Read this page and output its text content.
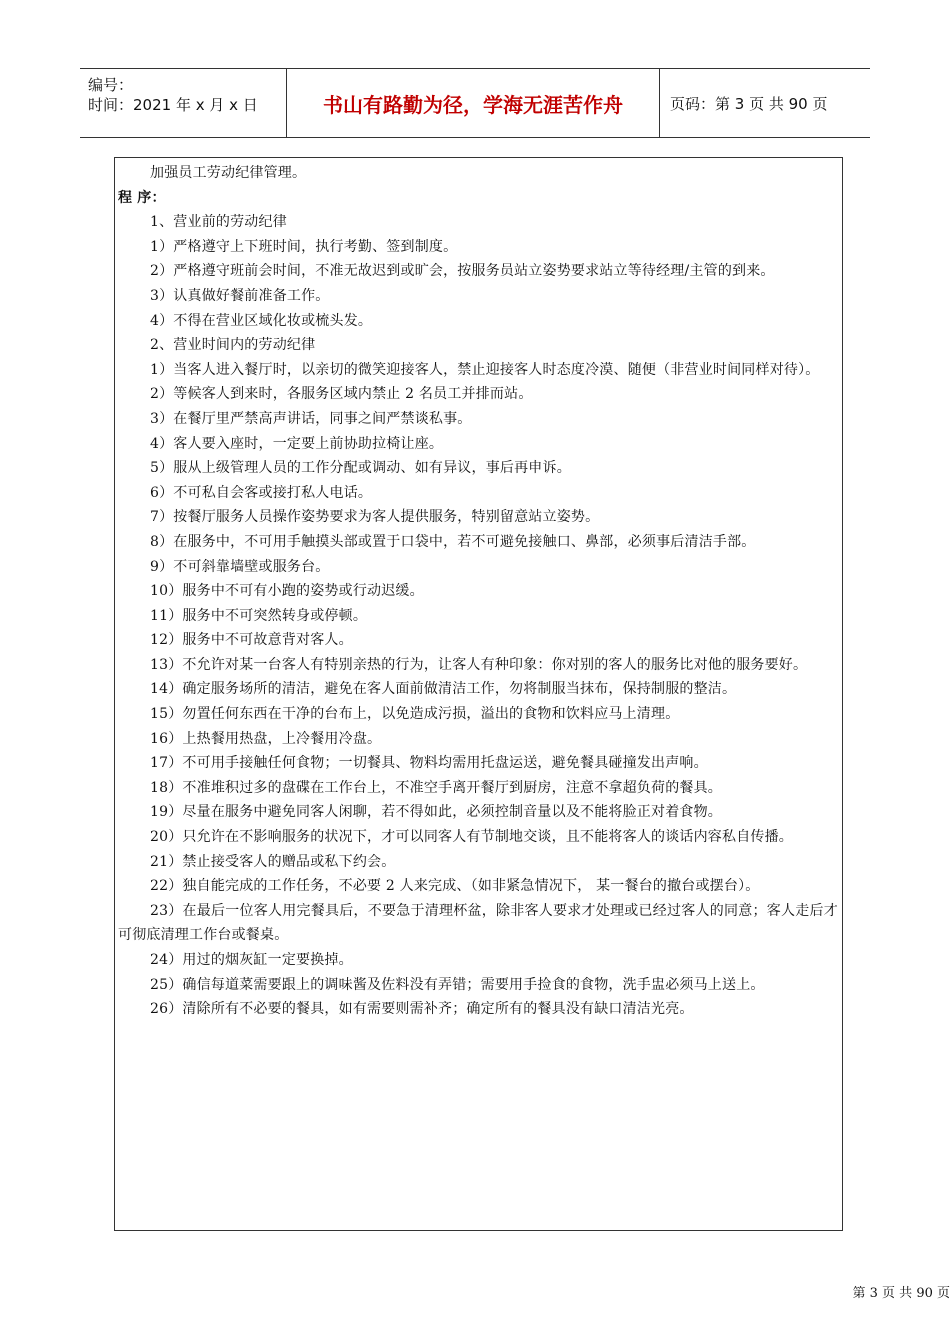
编号：
时间：2021 年 x 月 x 日	书山有路勤为径，学海无涯苦作舟	页码：第 3 页 共 90 页

加强员工劳动纪律管理。

程 序：

1、营业前的劳动纪律

1）严格遵守上下班时间，执行考勤、签到制度。

2）严格遵守班前会时间，不准无故迟到或旷会，按服务员站立姿势要求站立等待经理/主管的到来。

3）认真做好餐前准备工作。

4）不得在营业区域化妆或梳头发。

2、营业时间内的劳动纪律

1）当客人进入餐厅时，以亲切的微笑迎接客人，禁止迎接客人时态度冷漠、随便（非营业时间同样对待）。

2）等候客人到来时，各服务区域内禁止 2 名员工并排而站。

3）在餐厅里严禁高声讲话，同事之间严禁谈私事。

4）客人要入座时，一定要上前协助拉椅让座。

5）服从上级管理人员的工作分配或调动、如有异议，事后再申诉。

6）不可私自会客或接打私人电话。

7）按餐厅服务人员操作姿势要求为客人提供服务，特别留意站立姿势。

8）在服务中，不可用手触摸头部或置于口袋中，若不可避免接触口、鼻部，必须事后清洁手部。

9）不可斜靠墙壁或服务台。

10）服务中不可有小跑的姿势或行动迟缓。

11）服务中不可突然转身或停顿。

12）服务中不可故意背对客人。

13）不允许对某一台客人有特别亲热的行为，让客人有种印象：你对别的客人的服务比对他的服务要好。

14）确定服务场所的清洁，避免在客人面前做清洁工作，勿将制服当抹布，保持制服的整洁。

15）勿置任何东西在干净的台布上，以免造成污损，溢出的食物和饮料应马上清理。

16）上热餐用热盘，上冷餐用冷盘。

17）不可用手接触任何食物；一切餐具、物料均需用托盘运送，避免餐具碰撞发出声响。

18）不准堆积过多的盘碟在工作台上，不准空手离开餐厅到厨房，注意不拿超负荷的餐具。

19）尽量在服务中避免同客人闲聊，若不得如此，必须控制音量以及不能将脸正对着食物。

20）只允许在不影响服务的状况下，才可以同客人有节制地交谈，且不能将客人的谈话内容私自传播。

21）禁止接受客人的赠品或私下约会。

22）独自能完成的工作任务，不必要 2 人来完成、（如非紧急情况下， 某一餐台的撤台或摆台）。

23）在最后一位客人用完餐具后，不要急于清理杯盆，除非客人要求才处理或已经过客人的同意；客人走后才可彻底清理工作台或餐桌。

24）用过的烟灰缸一定要换掉。

25）确信每道菜需要跟上的调味酱及佐料没有弄错；需要用手捡食的食物，洗手盅必须马上送上。

26）清除所有不必要的餐具，如有需要则需补齐；确定所有的餐具没有缺口清洁光亮。

第 3 页 共 90 页
